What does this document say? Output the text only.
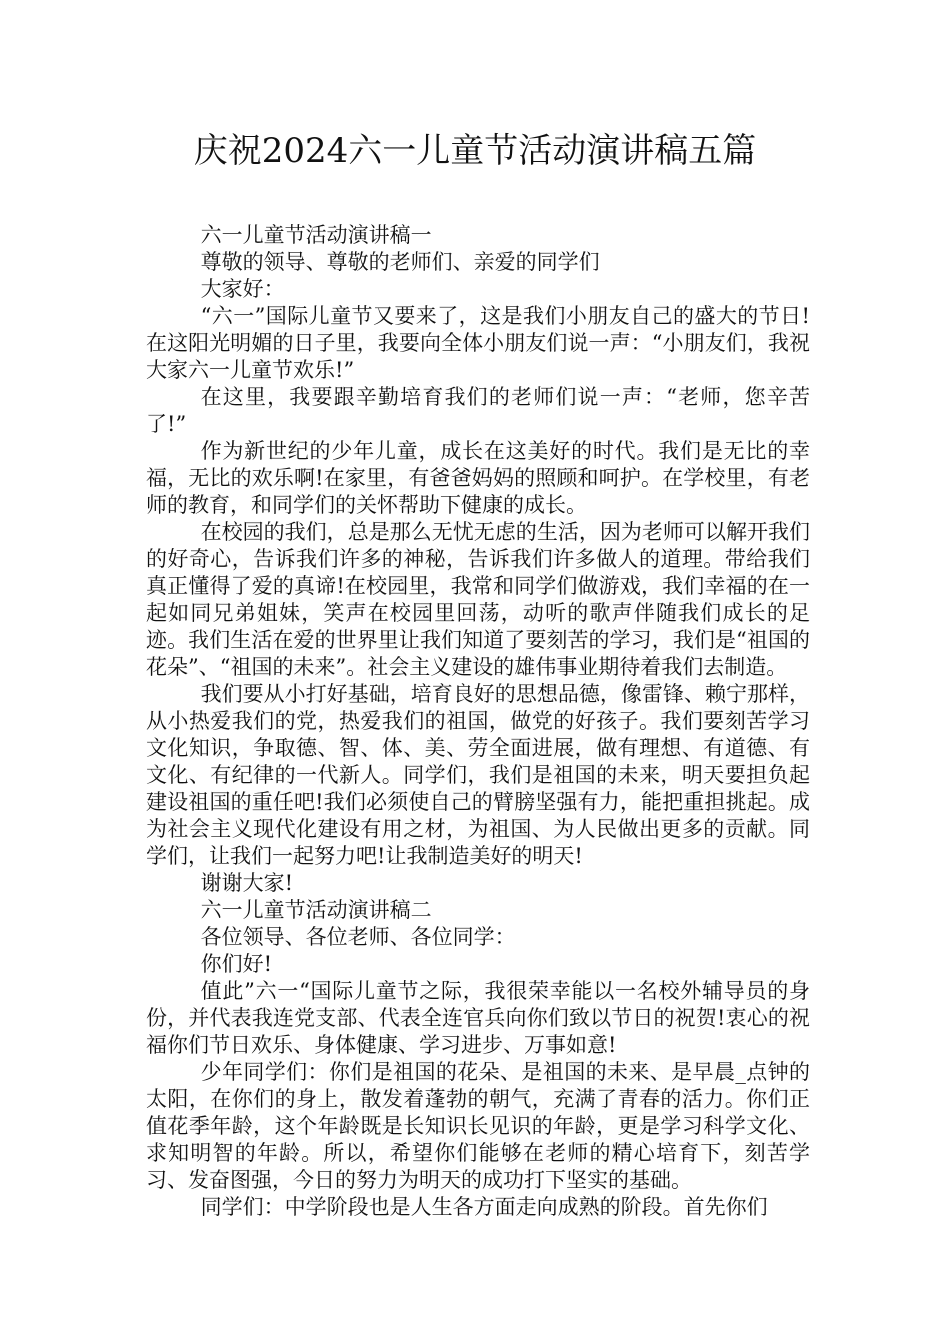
庆祝2024六一儿童节活动演讲稿五篇

六一儿童节活动演讲稿一

尊敬的领导、尊敬的老师们、亲爱的同学们

大家好：

“六一”国际儿童节又要来了，这是我们小朋友自己的盛大的节日!在这阳光明媚的日子里，我要向全体小朋友们说一声：“小朋友们，我祝大家六一儿童节欢乐!”

在这里，我要跟辛勤培育我们的老师们说一声：“老师，您辛苦了!”

作为新世纪的少年儿童，成长在这美好的时代。我们是无比的幸福，无比的欢乐啊!在家里，有爸爸妈妈的照顾和呵护。在学校里，有老师的教育，和同学们的关怀帮助下健康的成长。

在校园的我们，总是那么无忧无虑的生活，因为老师可以解开我们的好奇心，告诉我们许多的神秘，告诉我们许多做人的道理。带给我们真正懂得了爱的真谛!在校园里，我常和同学们做游戏，我们幸福的在一起如同兄弟姐妹，笑声在校园里回荡，动听的歌声伴随我们成长的足迹。我们生活在爱的世界里让我们知道了要刻苦的学习，我们是“祖国的花朵”、“祖国的未来”。社会主义建设的雄伟事业期待着我们去制造。

我们要从小打好基础，培育良好的思想品德，像雷锋、赖宁那样，从小热爱我们的党，热爱我们的祖国，做党的好孩子。我们要刻苦学习文化知识，争取德、智、体、美、劳全面进展，做有理想、有道德、有文化、有纪律的一代新人。同学们，我们是祖国的未来，明天要担负起建设祖国的重任吧!我们必须使自己的臂膀坚强有力，能把重担挑起。成为社会主义现代化建设有用之材，为祖国、为人民做出更多的贡献。同学们，让我们一起努力吧!让我制造美好的明天!

谢谢大家!

六一儿童节活动演讲稿二

各位领导、各位老师、各位同学：

你们好!

值此”六一“国际儿童节之际，我很荣幸能以一名校外辅导员的身份，并代表我连党支部、代表全连官兵向你们致以节日的祝贺!衷心的祝福你们节日欢乐、身体健康、学习进步、万事如意!

少年同学们：你们是祖国的花朵、是祖国的未来、是早晨_点钟的太阳，在你们的身上，散发着蓬勃的朝气，充满了青春的活力。你们正值花季年龄，这个年龄既是长知识长见识的年龄，更是学习科学文化、求知明智的年龄。所以，希望你们能够在老师的精心培育下，刻苦学习、发奋图强，今日的努力为明天的成功打下坚实的基础。

同学们：中学阶段也是人生各方面走向成熟的阶段。首先你们
